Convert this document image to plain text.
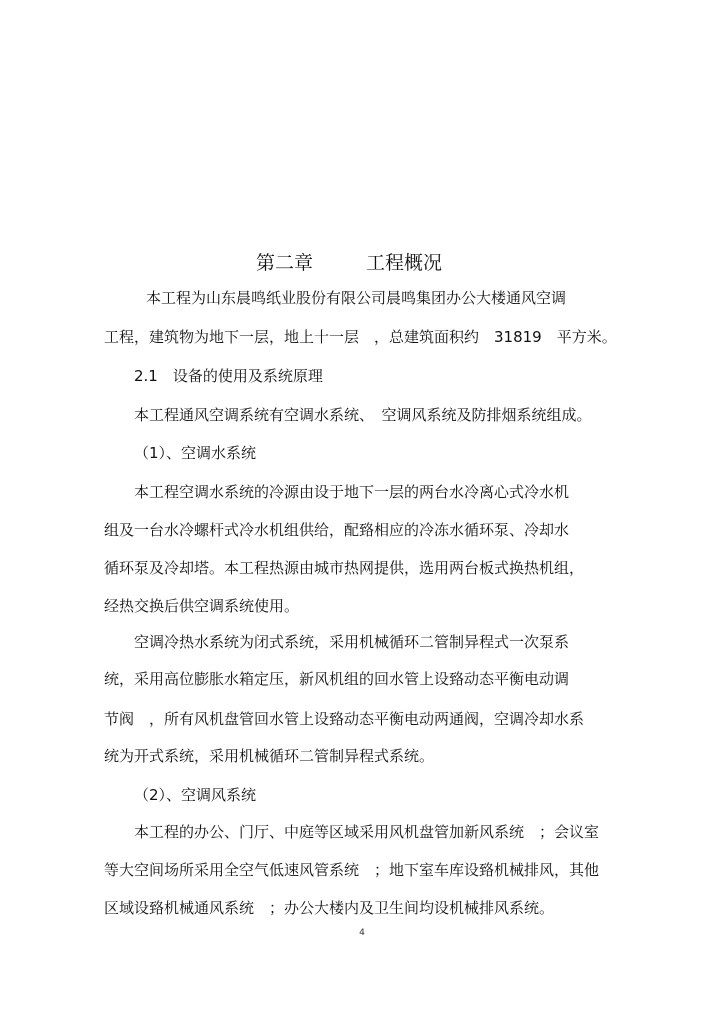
第二章	工程概况
本工程为山东晨鸣纸业股份有限公司晨鸣集团办公大楼通风空调
工程，建筑物为地下一层，地上十一层　，总建筑面积约　31819　平方米。
2.1　设备的使用及系统原理
本工程通风空调系统有空调水系统、　空调风系统及防排烟系统组成。
（1）、空调水系统
本工程空调水系统的冷源由设于地下一层的两台水冷离心式冷水机
组及一台水冷螺杆式冷水机组供给，配臵相应的冷冻水循环泵、冷却水
循环泵及冷却塔。本工程热源由城市热网提供，选用两台板式换热机组，
经热交换后供空调系统使用。
空调冷热水系统为闭式系统，采用机械循环二管制异程式一次泵系
统，采用高位膨胀水箱定压，新风机组的回水管上设臵动态平衡电动调
节阀　，所有风机盘管回水管上设臵动态平衡电动两通阀，空调冷却水系
统为开式系统，采用机械循环二管制异程式系统。
（2）、空调风系统
本工程的办公、门厅、中庭等区域采用风机盘管加新风系统　；会议室
等大空间场所采用全空气低速风管系统　；地下室车库设臵机械排风，其他
区域设臵机械通风系统　；办公大楼内及卫生间均设机械排风系统。
4
